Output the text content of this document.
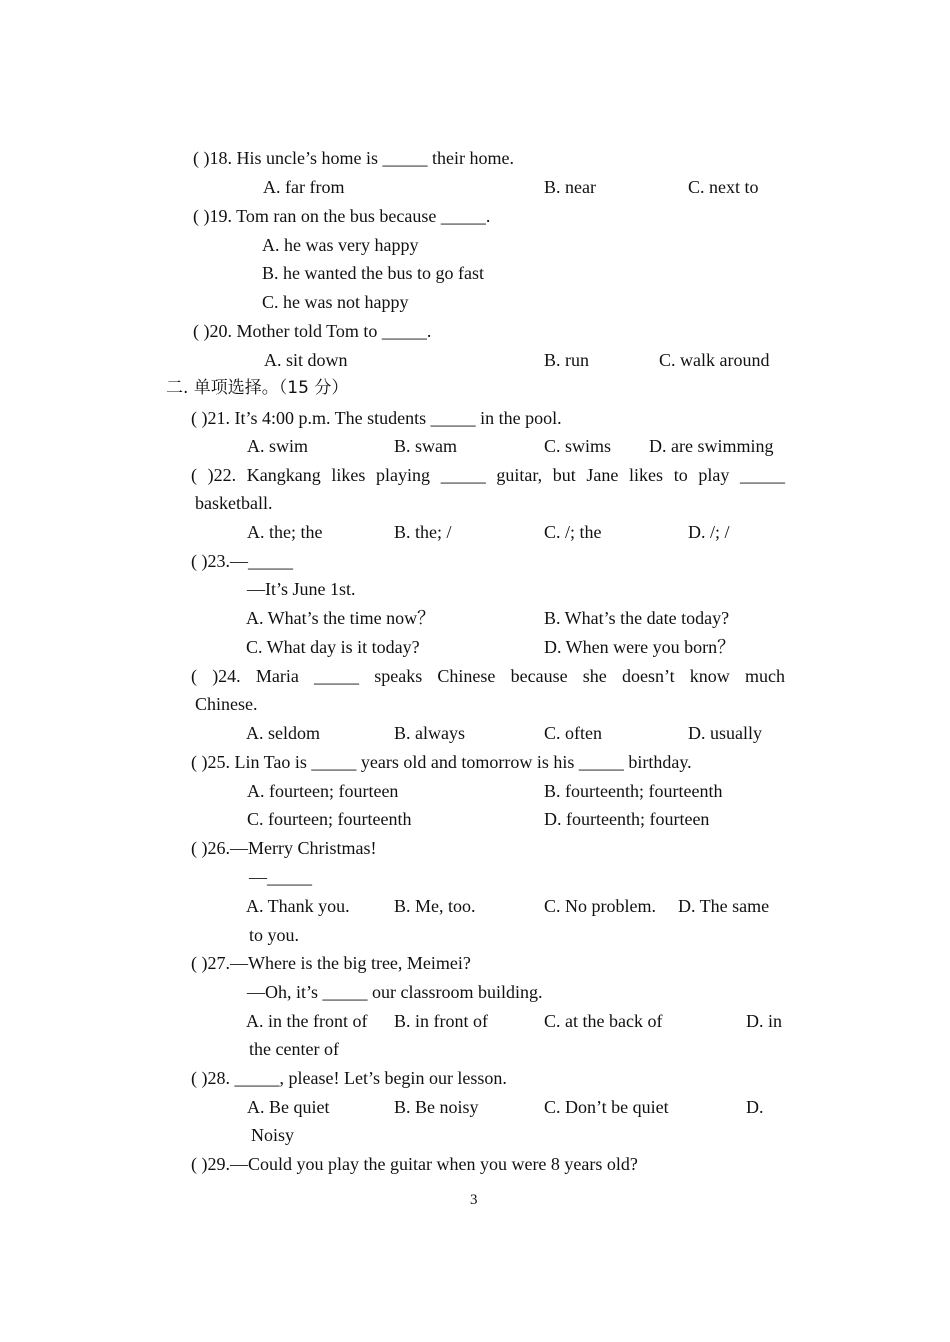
( )18. His uncle’s home is _____ their home.
A. far from	B. near	C. next to
( )19. Tom ran on the bus because _____.
A. he was very happy
B. he wanted the bus to go fast
C. he was not happy
( )20. Mother told Tom to _____.
A. sit down	B. run	C. walk around
二. 单项选择。（15 分）
( )21. It’s 4:00 p.m. The students _____ in the pool.
A. swim	B. swam	C. swims D. are swimming
( )22. Kangkang likes playing _____ guitar, but Jane likes to play _____
basketball.
A. the; the	B. the; /	C. /; the	D. /; /
( )23.—_____
—It’s June 1st.
A. What’s the time now？	B. What’s the date today?
C. What day is it today?	D. When were you born？
( )24. Maria _____ speaks Chinese because she doesn’t know much
Chinese.
A. seldom	B. always	C. often	D. usually
( )25. Lin Tao is _____ years old and tomorrow is his _____ birthday.
A. fourteen; fourteen	B. fourteenth; fourteenth
C. fourteen; fourteenth	D. fourteenth; fourteen
( )26.—Merry Christmas!
—_____
A. Thank you. B. Me, too.	C. No problem. D. The same
to you.
( )27.—Where is the big tree, Meimei?
—Oh, it’s _____ our classroom building.
A. in the front of B. in front of	C. at the back of	D. in
the center of
( )28. _____, please! Let’s begin our lesson.
A. Be quiet	B. Be noisy	C. Don’t be quiet	D.
Noisy
( )29.—Could you play the guitar when you were 8 years old?
3
